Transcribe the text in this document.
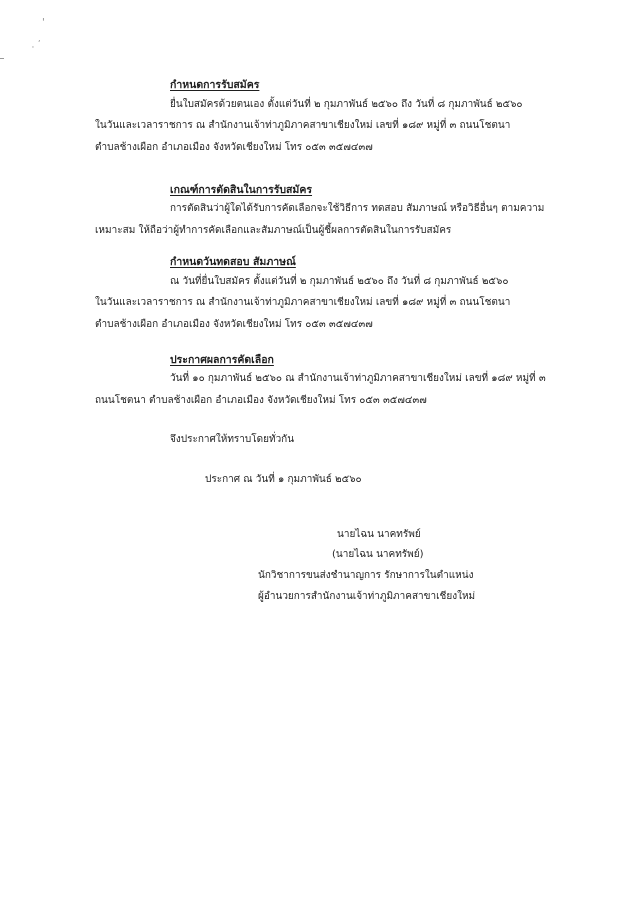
'
,
'
กำหนดการรับสมัคร
ยื่นใบสมัครด้วยตนเอง ตั้งแต่วันที่ ๒ กุมภาพันธ์ ๒๕๖๐ ถึง วันที่ ๘ กุมภาพันธ์ ๒๕๖๐
ในวันและเวลาราชการ ณ สำนักงานเจ้าท่าภูมิภาคสาขาเชียงใหม่ เลขที่ ๑๘๙ หมู่ที่ ๓ ถนนโชตนา
ตำบลช้างเผือก อำเภอเมือง จังหวัดเชียงใหม่ โทร ๐๕๓ ๓๕๗๔๓๗
เกณฑ์การตัดสินในการรับสมัคร
การตัดสินว่าผู้ใดได้รับการคัดเลือกจะใช้วิธีการ ทดสอบ สัมภาษณ์ หรือวิธีอื่นๆ ตามความ
เหมาะสม ให้ถือว่าผู้ทำการคัดเลือกและสัมภาษณ์เป็นผู้ชี้ผลการตัดสินในการรับสมัคร
กำหนดวันทดสอบ สัมภาษณ์
ณ วันที่ยื่นใบสมัคร ตั้งแต่วันที่ ๒ กุมภาพันธ์ ๒๕๖๐ ถึง วันที่ ๘ กุมภาพันธ์ ๒๕๖๐
ในวันและเวลาราชการ ณ สำนักงานเจ้าท่าภูมิภาคสาขาเชียงใหม่ เลขที่ ๑๘๙ หมู่ที่ ๓ ถนนโชตนา
ตำบลช้างเผือก อำเภอเมือง จังหวัดเชียงใหม่ โทร ๐๕๓ ๓๕๗๔๓๗
ประกาศผลการคัดเลือก
วันที่ ๑๐ กุมภาพันธ์ ๒๕๖๐ ณ สำนักงานเจ้าท่าภูมิภาคสาขาเชียงใหม่ เลขที่ ๑๘๙ หมู่ที่ ๓
ถนนโชตนา ตำบลช้างเผือก อำเภอเมือง จังหวัดเชียงใหม่ โทร ๐๕๓ ๓๕๗๔๓๗
จึงประกาศให้ทราบโดยทั่วกัน
ประกาศ ณ วันที่ ๑ กุมภาพันธ์ ๒๕๖๐
นายไฉน นาคทรัพย์
(นายไฉน นาคทรัพย์)
นักวิชาการขนส่งชำนาญการ รักษาการในตำแหน่ง
ผู้อำนวยการสำนักงานเจ้าท่าภูมิภาคสาขาเชียงใหม่
